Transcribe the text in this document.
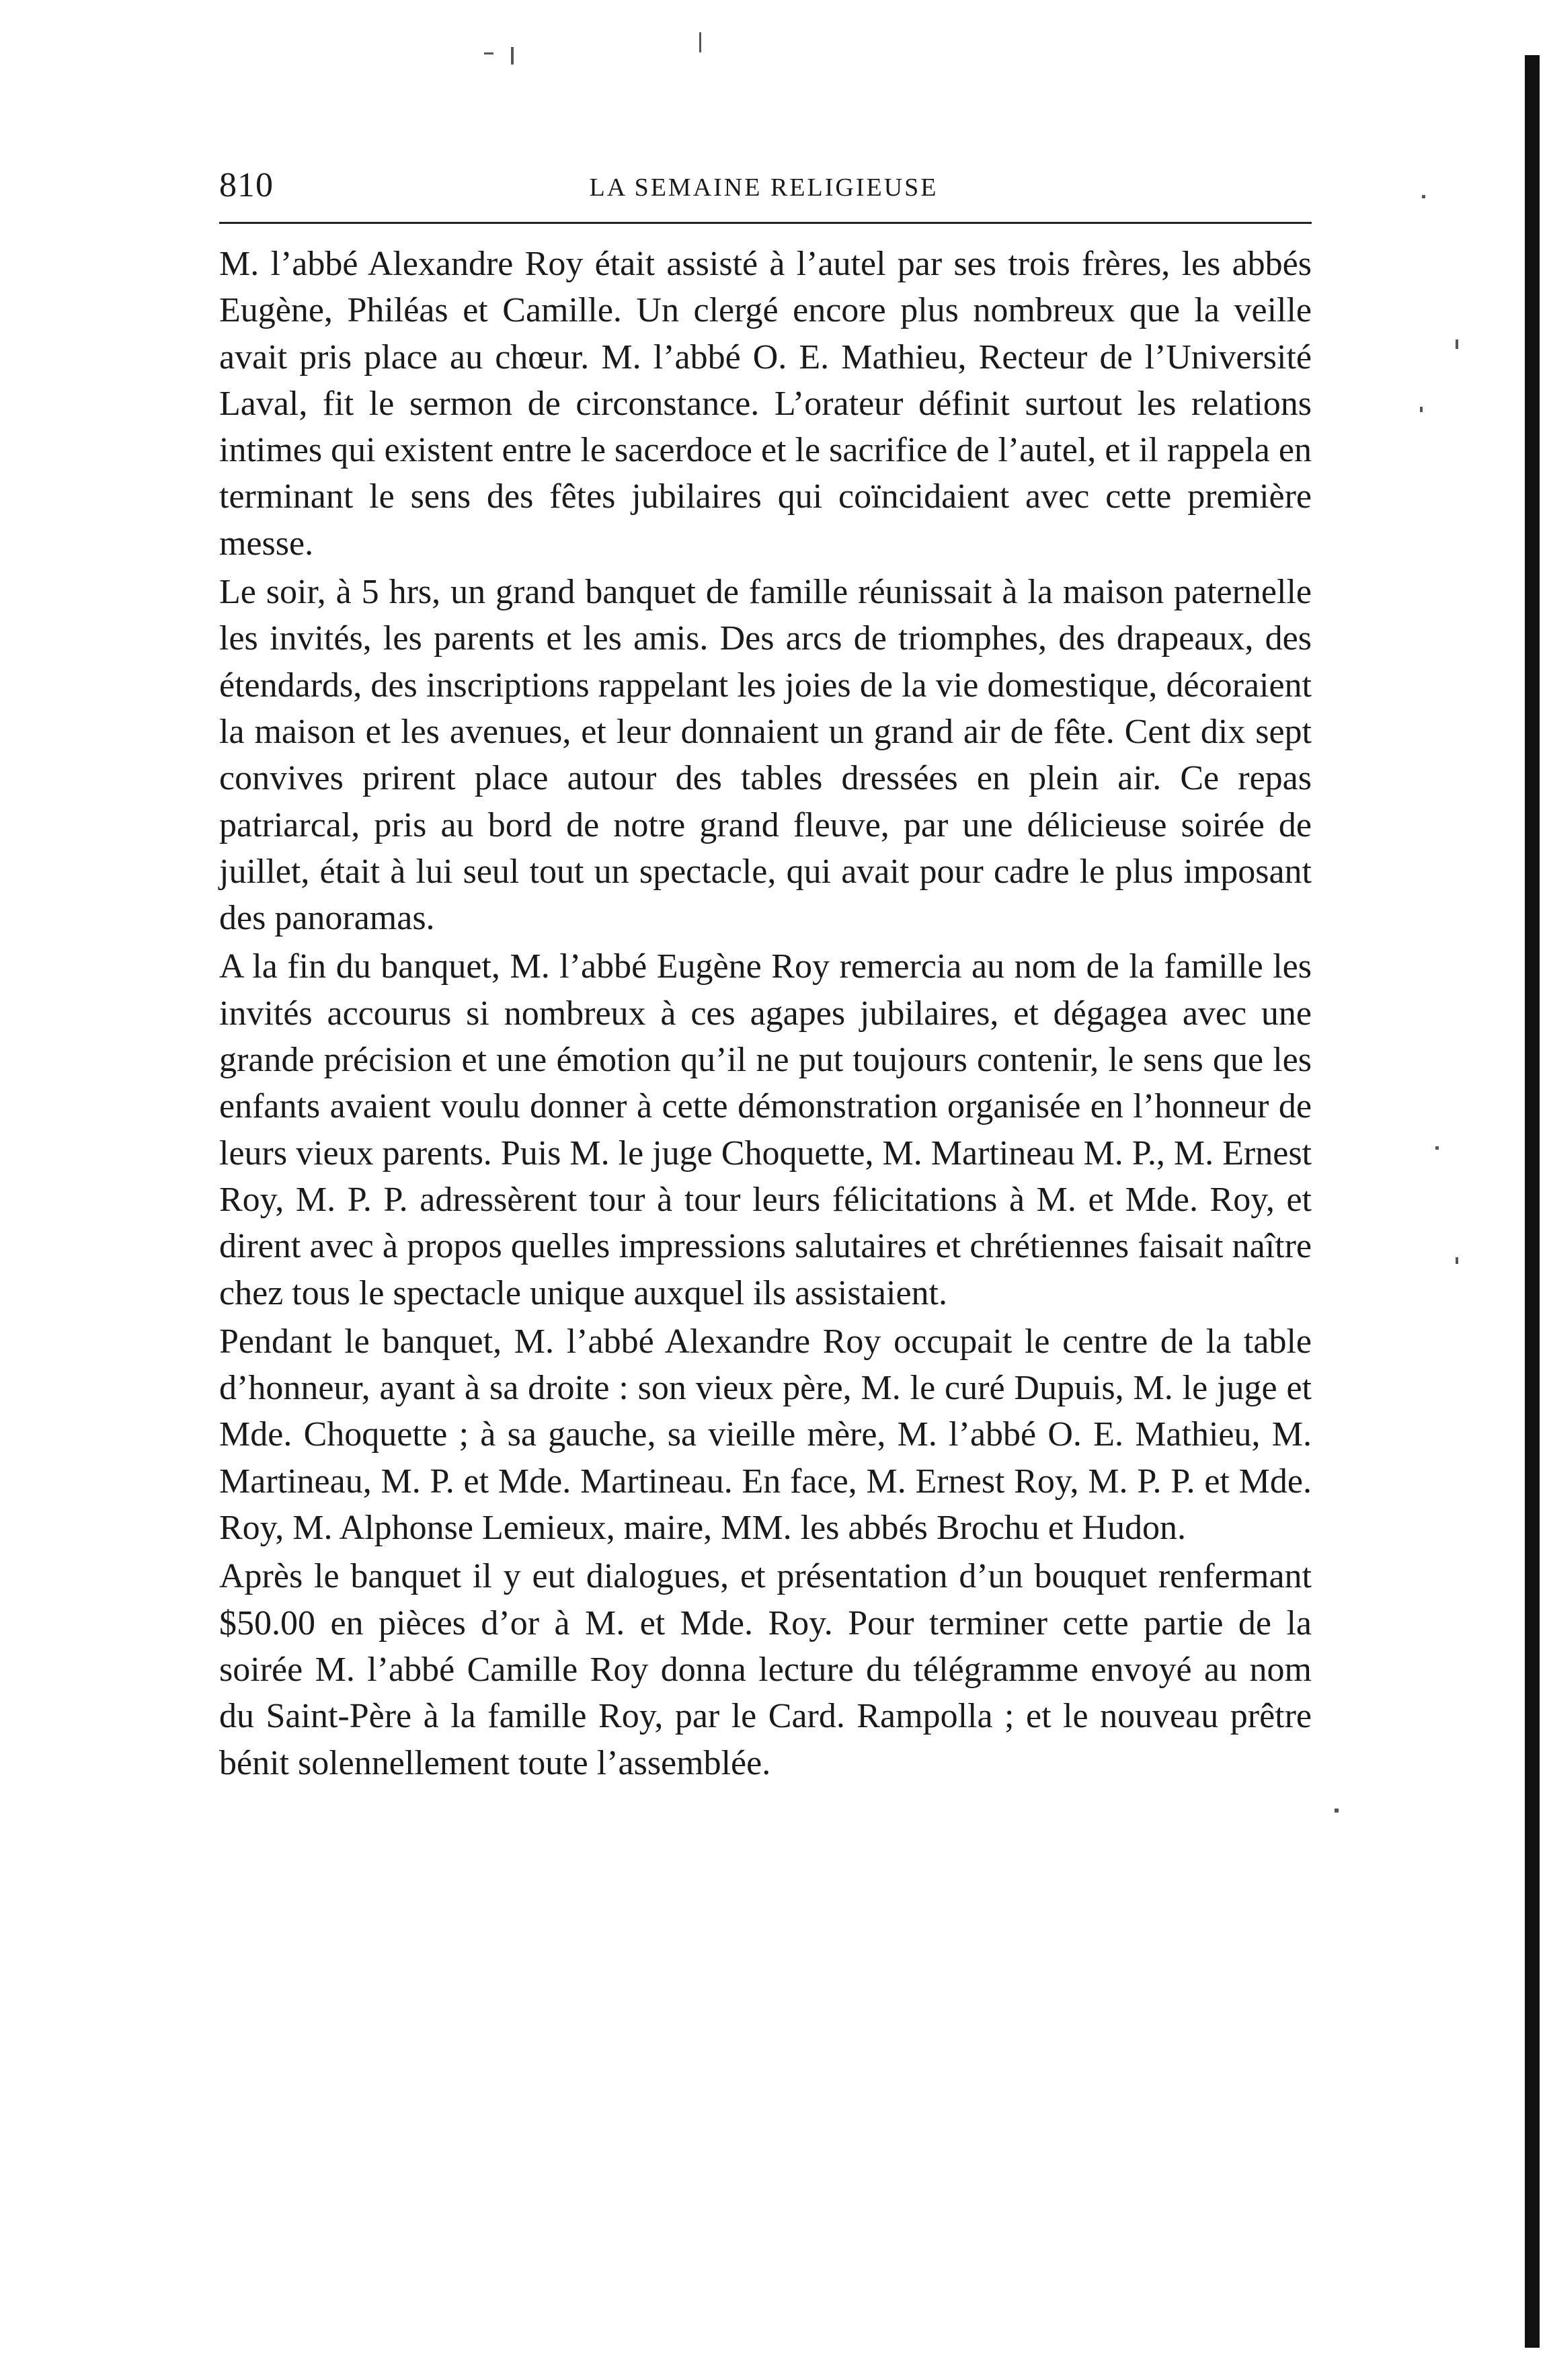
810	LA SEMAINE RELIGIEUSE

M. l’abbé Alexandre Roy était assisté à l’autel par ses trois frères, les abbés Eugène, Philéas et Camille. Un clergé encore plus nombreux que la veille avait pris place au chœur. M. l’abbé O. E. Mathieu, Recteur de l’Université Laval, fit le sermon de circonstance. L’orateur définit surtout les relations intimes qui existent entre le sacerdoce et le sacrifice de l’autel, et il rappela en terminant le sens des fêtes jubilaires qui coïncidaient avec cette première messe.

Le soir, à 5 hrs, un grand banquet de famille réunissait à la maison paternelle les invités, les parents et les amis. Des arcs de triomphes, des drapeaux, des étendards, des inscriptions rappelant les joies de la vie domestique, décoraient la maison et les avenues, et leur donnaient un grand air de fête. Cent dix sept convives prirent place autour des tables dressées en plein air. Ce repas patriarcal, pris au bord de notre grand fleuve, par une délicieuse soirée de juillet, était à lui seul tout un spectacle, qui avait pour cadre le plus imposant des panoramas.

A la fin du banquet, M. l’abbé Eugène Roy remercia au nom de la famille les invités accourus si nombreux à ces agapes jubilaires, et dégagea avec une grande précision et une émotion qu’il ne put toujours contenir, le sens que les enfants avaient voulu donner à cette démonstration organisée en l’honneur de leurs vieux parents. Puis M. le juge Choquette, M. Martineau M. P., M. Ernest Roy, M. P. P. adressèrent tour à tour leurs félicitations à M. et Mde. Roy, et dirent avec à propos quelles impressions salutaires et chrétiennes faisait naître chez tous le spectacle unique auxquel ils assistaient.

Pendant le banquet, M. l’abbé Alexandre Roy occupait le centre de la table d’honneur, ayant à sa droite : son vieux père, M. le curé Dupuis, M. le juge et Mde. Choquette ; à sa gauche, sa vieille mère, M. l’abbé O. E. Mathieu, M. Martineau, M. P. et Mde. Martineau. En face, M. Ernest Roy, M. P. P. et Mde. Roy, M. Alphonse Lemieux, maire, MM. les abbés Brochu et Hudon.

Après le banquet il y eut dialogues, et présentation d’un bouquet renfermant $50.00 en pièces d’or à M. et Mde. Roy. Pour terminer cette partie de la soirée M. l’abbé Camille Roy donna lecture du télégramme envoyé au nom du Saint-Père à la famille Roy, par le Card. Rampolla ; et le nouveau prêtre bénit solennellement toute l’assemblée.
